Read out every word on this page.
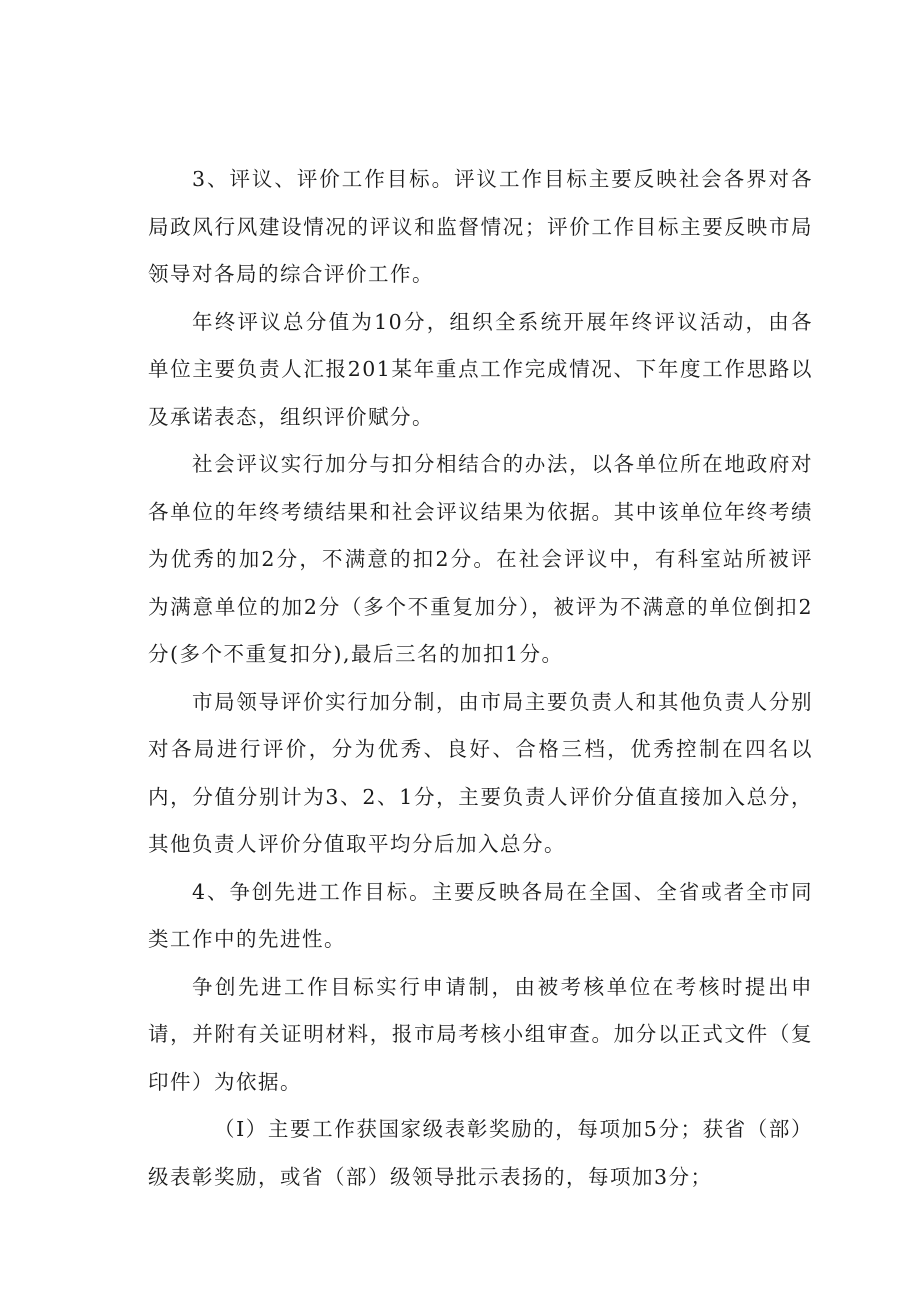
3、评议、评价工作目标。评议工作目标主要反映社会各界对各局政风行风建设情况的评议和监督情况；评价工作目标主要反映市局领导对各局的综合评价工作。

年终评议总分值为10分，组织全系统开展年终评议活动，由各单位主要负责人汇报201某年重点工作完成情况、下年度工作思路以及承诺表态，组织评价赋分。

社会评议实行加分与扣分相结合的办法，以各单位所在地政府对各单位的年终考绩结果和社会评议结果为依据。其中该单位年终考绩为优秀的加2分，不满意的扣2分。在社会评议中，有科室站所被评为满意单位的加2分（多个不重复加分），被评为不满意的单位倒扣2分(多个不重复扣分),最后三名的加扣1分。

市局领导评价实行加分制，由市局主要负责人和其他负责人分别对各局进行评价，分为优秀、良好、合格三档，优秀控制在四名以内，分值分别计为3、2、1分，主要负责人评价分值直接加入总分，其他负责人评价分值取平均分后加入总分。

4、争创先进工作目标。主要反映各局在全国、全省或者全市同类工作中的先进性。

争创先进工作目标实行申请制，由被考核单位在考核时提出申请，并附有关证明材料，报市局考核小组审查。加分以正式文件（复印件）为依据。

（I）主要工作获国家级表彰奖励的，每项加5分；获省（部）级表彰奖励，或省（部）级领导批示表扬的，每项加3分；
